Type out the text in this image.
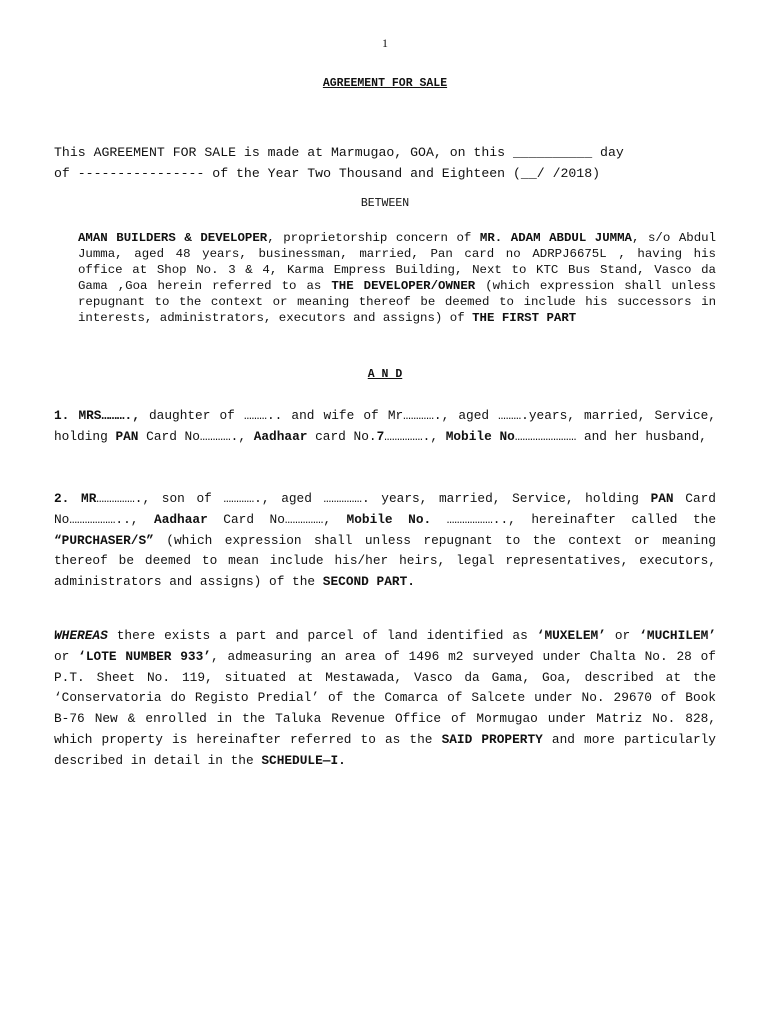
1
AGREEMENT FOR SALE

This AGREEMENT FOR SALE is made at Marmugao, GOA, on this __________ day

of ---------------- of the Year Two Thousand and Eighteen (__/ /2018)

BETWEEN

AMAN BUILDERS & DEVELOPER, proprietorship concern of MR. ADAM ABDUL JUMMA, s/o Abdul Jumma, aged 48 years, businessman, married, Pan card no ADRPJ6675L , having his office at Shop No. 3 & 4, Karma Empress Building, Next to KTC Bus Stand, Vasco da Gama ,Goa herein referred to as THE DEVELOPER/OWNER (which expression shall unless repugnant to the context or meaning thereof be deemed to include his successors in interests, administrators, executors and assigns) of THE FIRST PART

A N D

1. MRS………., daughter of ……….. and wife of Mr…………., aged ……….years, married, Service, holding PAN Card No…………., Aadhaar card No.7……………., Mobile No…………………… and her husband,

2. MR……………., son of …………., aged ……………. years, married, Service, holding PAN Card No……………….., Aadhaar Card No……………, Mobile No. ……………….., hereinafter called the “PURCHASER/S” (which expression shall unless repugnant to the context or meaning thereof be deemed to mean include his/her heirs, legal representatives, executors, administrators and assigns) of the SECOND PART.

WHEREAS there exists a part and parcel of land identified as ‘MUXELEM’ or ‘MUCHILEM’ or ‘LOTE NUMBER 933’, admeasuring an area of 1496 m2 surveyed under Chalta No. 28 of P.T. Sheet No. 119, situated at Mestawada, Vasco da Gama, Goa, described at the ‘Conservatoria do Registo Predial’ of the Comarca of Salcete under No. 29670 of Book B-76 New & enrolled in the Taluka Revenue Office of Mormugao under Matriz No. 828, which property is hereinafter referred to as the SAID PROPERTY and more particularly described in detail in the SCHEDULE—I.
